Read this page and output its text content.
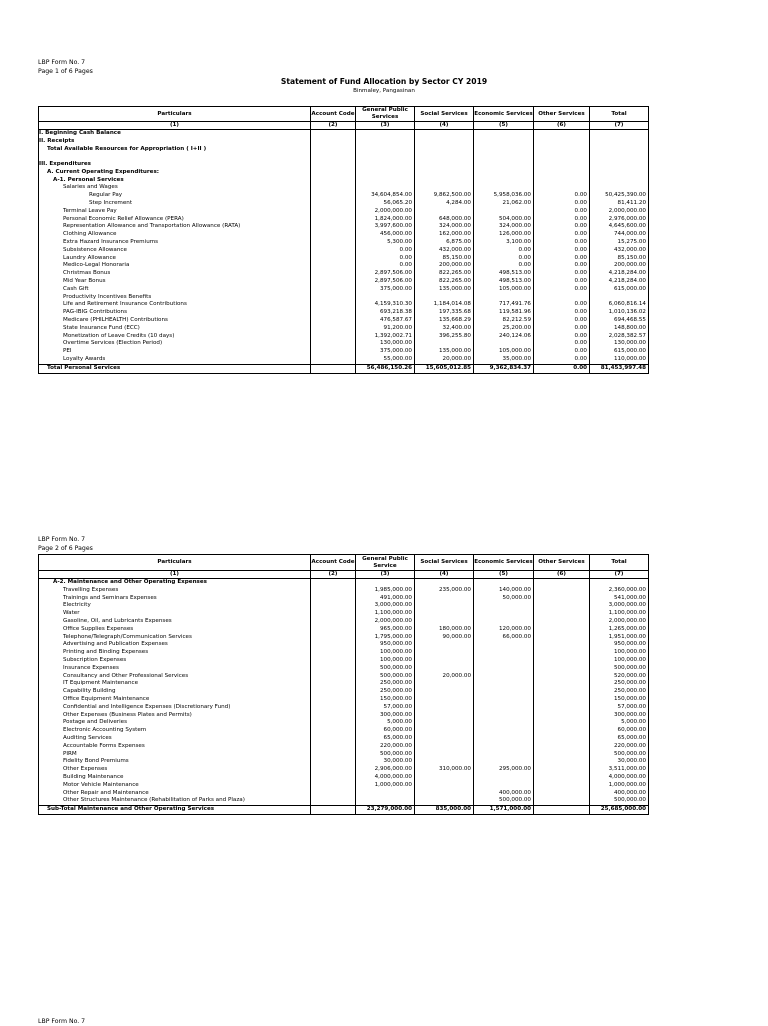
LBP Form No. 7
Page 1 of 6 Pages
Statement of Fund Allocation by Sector CY 2019
Binmaley, Pangasinan
Particulars	Account Code	General Public Services	Social Services	Economic Services	Other Services	Total
(1)	(2)	(3)	(4)	(5)	(6)	(7)
I. Beginning Cash Balance						
II. Receipts						
Total Available Resources for Appropriation ( I+II )						

III. Expenditures						
A. Current Operating Expenditures:						
A-1. Personal Services						
Salaries and Wages						
Regular Pay		34,604,854.00	9,862,500.00	5,958,036.00	0.00	50,425,390.00
Step Increment		56,065.20	4,284.00	21,062.00	0.00	81,411.20
Terminal Leave Pay		2,000,000.00			0.00	2,000,000.00
Personal Economic Relief Allowance (PERA)		1,824,000.00	648,000.00	504,000.00	0.00	2,976,000.00
Representation Allowance and Transportation Allowance (RATA)		3,997,600.00	324,000.00	324,000.00	0.00	4,645,600.00
Clothing Allowance		456,000.00	162,000.00	126,000.00	0.00	744,000.00
Extra Hazard Insurance Premiums		5,300.00	6,875.00	3,100.00	0.00	15,275.00
Subsistence Allowance		0.00	432,000.00	0.00	0.00	432,000.00
Laundry Allowance		0.00	85,150.00	0.00	0.00	85,150.00
Medico-Legal Honoraria		0.00	200,000.00	0.00	0.00	200,000.00
Christmas Bonus		2,897,506.00	822,265.00	498,513.00	0.00	4,218,284.00
Mid Year Bonus		2,897,506.00	822,265.00	498,513.00	0.00	4,218,284.00
Cash Gift		375,000.00	135,000.00	105,000.00	0.00	615,000.00
Productivity Incentives Benefits						
Life and Retirement Insurance Contributions		4,159,310.30	1,184,014.08	717,491.76	0.00	6,060,816.14
PAG-IBIG Contributions		693,218.38	197,335.68	119,581.96	0.00	1,010,136.02
Medicare (PHILHEALTH) Contributions		476,587.67	135,668.29	82,212.59	0.00	694,468.55
State Insurance Fund (ECC)		91,200.00	32,400.00	25,200.00	0.00	148,800.00
Monetization of Leave Credits (10 days)		1,392,002.71	396,255.80	240,124.06	0.00	2,028,382.57
Overtime Services (Election Period)		130,000.00			0.00	130,000.00
PEI		375,000.00	135,000.00	105,000.00	0.00	615,000.00
Loyalty Awards		55,000.00	20,000.00	35,000.00	0.00	110,000.00
Total Personal Services		56,486,150.26	15,605,012.85	9,362,834.37	0.00	81,453,997.48
LBP Form No. 7
Page 2 of 6 Pages
Particulars	Account Code	General Public Service	Social Services	Economic Services	Other Services	Total
(1)	(2)	(3)	(4)	(5)	(6)	(7)
A-2. Maintenance and Other Operating Expenses						
Travelling Expenses		1,985,000.00	235,000.00	140,000.00		2,360,000.00
Trainings and Seminars Expenses		491,000.00		50,000.00		541,000.00
Electricity		3,000,000.00				3,000,000.00
Water		1,100,000.00				1,100,000.00
Gasoline, Oil, and Lubricants Expenses		2,000,000.00				2,000,000.00
Office Supplies Expenses		965,000.00	180,000.00	120,000.00		1,265,000.00
Telephone/Telegraph/Communication Services		1,795,000.00	90,000.00	66,000.00		1,951,000.00
Advertising and Publication Expenses		950,000.00				950,000.00
Printing and Binding Expenses		100,000.00				100,000.00
Subscription Expenses		100,000.00				100,000.00
Insurance Expenses		500,000.00				500,000.00
Consultancy and Other Professional Services		500,000.00	20,000.00			520,000.00
IT Equipment Maintenance		250,000.00				250,000.00
Capability Building		250,000.00				250,000.00
Office Equipment Maintenance		150,000.00				150,000.00
Confidential and Intelligence Expenses (Discretionary Fund)		57,000.00				57,000.00
Other Expenses (Business Plates and Permits)		300,000.00				300,000.00
Postage and Deliveries		5,000.00				5,000.00
Electronic Accounting System		60,000.00				60,000.00
Auditing Services		65,000.00				65,000.00
Accountable Forms Expenses		220,000.00				220,000.00
PIRM		500,000.00				500,000.00
Fidelity Bond Premiums		30,000.00				30,000.00
Other Expenses		2,906,000.00	310,000.00	295,000.00		3,511,000.00
Building Maintenance		4,000,000.00				4,000,000.00
Motor Vehicle Maintenance		1,000,000.00				1,000,000.00
Other Repair and Maintenance				400,000.00		400,000.00
Other Structures Maintenance (Rehabilitation of Parks and Plaza)				500,000.00		500,000.00
Sub-Total Maintenance and Other Operating Services		23,279,000.00	835,000.00	1,571,000.00		25,685,000.00
LBP Form No. 7
